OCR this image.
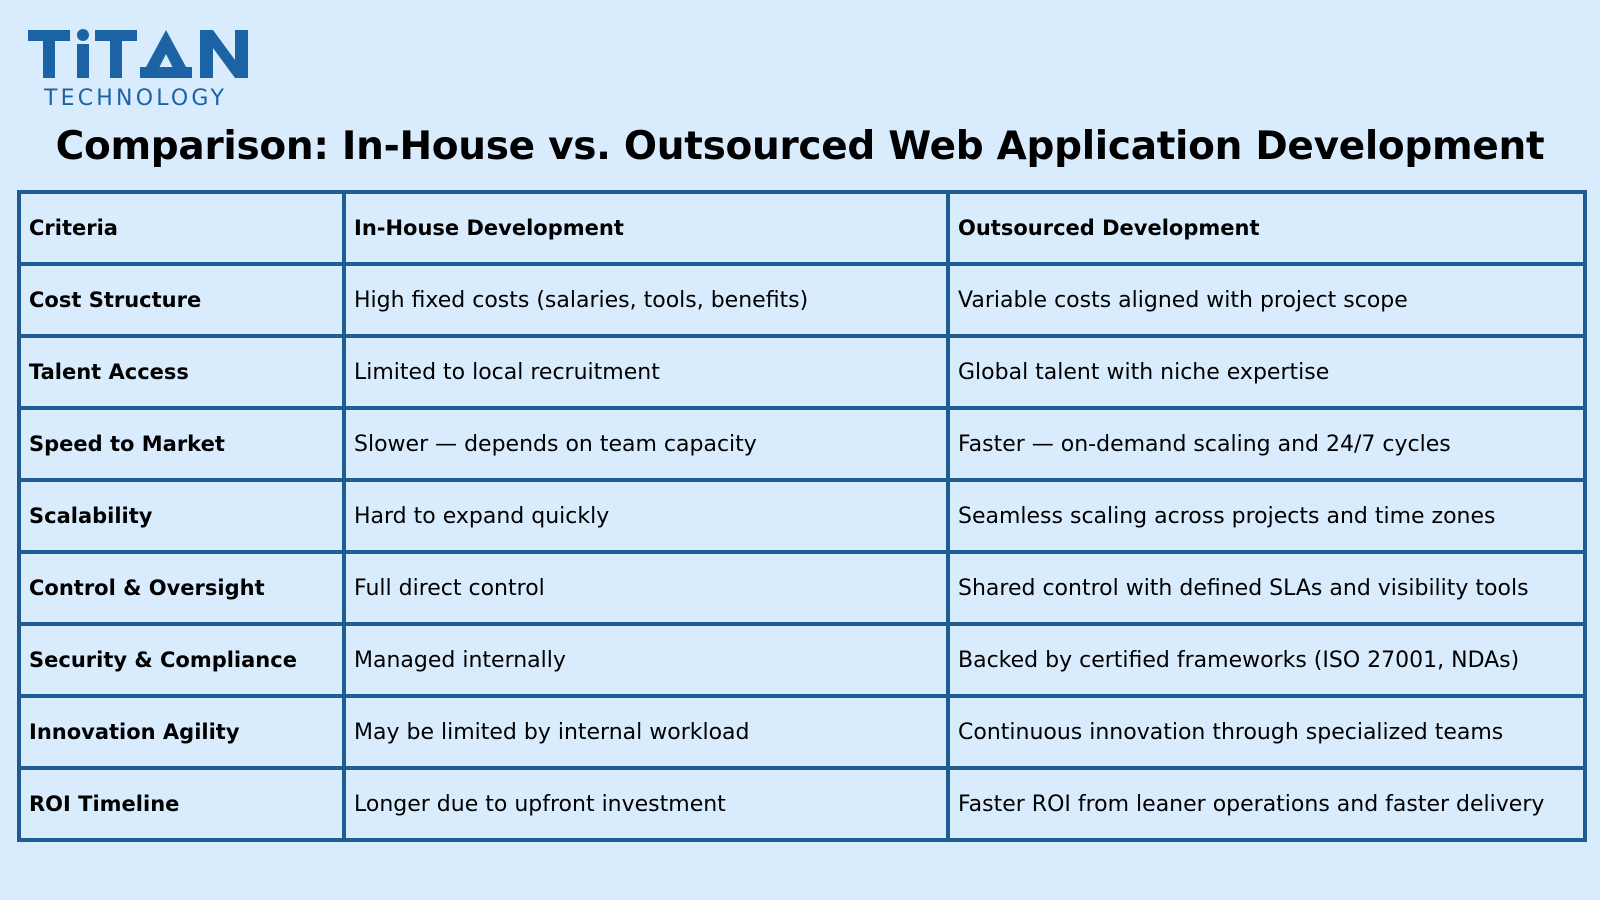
TECHNOLOGY
Comparison: In-House vs. Outsourced Web Application Development
Criteria	In-House Development	Outsourced Development
Cost Structure	High fixed costs (salaries, tools, benefits)	Variable costs aligned with project scope
Talent Access	Limited to local recruitment	Global talent with niche expertise
Speed to Market	Slower — depends on team capacity	Faster — on-demand scaling and 24/7 cycles
Scalability	Hard to expand quickly	Seamless scaling across projects and time zones
Control & Oversight	Full direct control	Shared control with defined SLAs and visibility tools
Security & Compliance	Managed internally	Backed by certified frameworks (ISO 27001, NDAs)
Innovation Agility	May be limited by internal workload	Continuous innovation through specialized teams
ROI Timeline	Longer due to upfront investment	Faster ROI from leaner operations and faster delivery
